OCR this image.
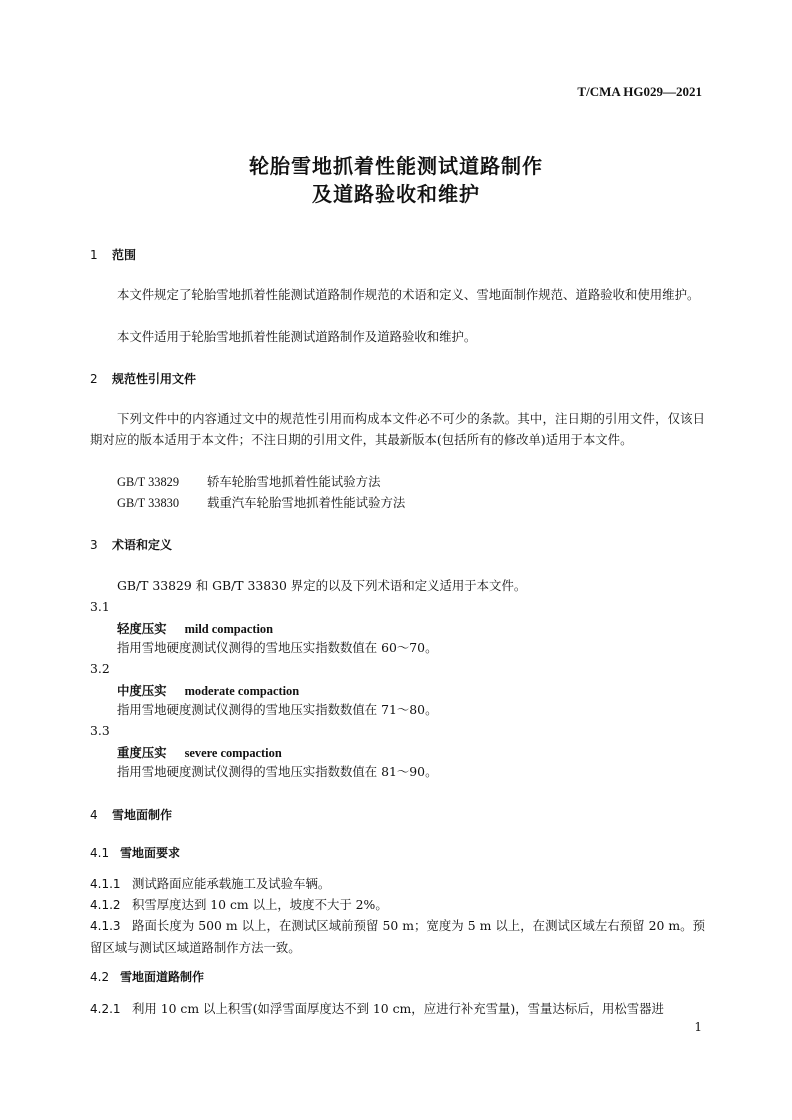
T/CMA HG029—2021
轮胎雪地抓着性能测试道路制作
及道路验收和维护
1 范围
本文件规定了轮胎雪地抓着性能测试道路制作规范的术语和定义、雪地面制作规范、道路验收和使用维护。
本文件适用于轮胎雪地抓着性能测试道路制作及道路验收和维护。
2 规范性引用文件
下列文件中的内容通过文中的规范性引用而构成本文件必不可少的条款。其中，注日期的引用文件，仅该日期对应的版本适用于本文件；不注日期的引用文件，其最新版本(包括所有的修改单)适用于本文件。
GB/T 33829 轿车轮胎雪地抓着性能试验方法
GB/T 33830 载重汽车轮胎雪地抓着性能试验方法
3 术语和定义
GB/T 33829 和 GB/T 33830 界定的以及下列术语和定义适用于本文件。
3.1
轻度压实 mild compaction
指用雪地硬度测试仪测得的雪地压实指数数值在 60～70。
3.2
中度压实 moderate compaction
指用雪地硬度测试仪测得的雪地压实指数数值在 71～80。
3.3
重度压实 severe compaction
指用雪地硬度测试仪测得的雪地压实指数数值在 81～90。
4 雪地面制作
4.1 雪地面要求
4.1.1 测试路面应能承载施工及试验车辆。
4.1.2 积雪厚度达到 10 cm 以上，坡度不大于 2%。
4.1.3 路面长度为 500 m 以上，在测试区域前预留 50 m；宽度为 5 m 以上，在测试区域左右预留 20 m。预留区域与测试区域道路制作方法一致。
4.2 雪地面道路制作
4.2.1 利用 10 cm 以上积雪(如浮雪面厚度达不到 10 cm，应进行补充雪量)，雪量达标后，用松雪器进
1
